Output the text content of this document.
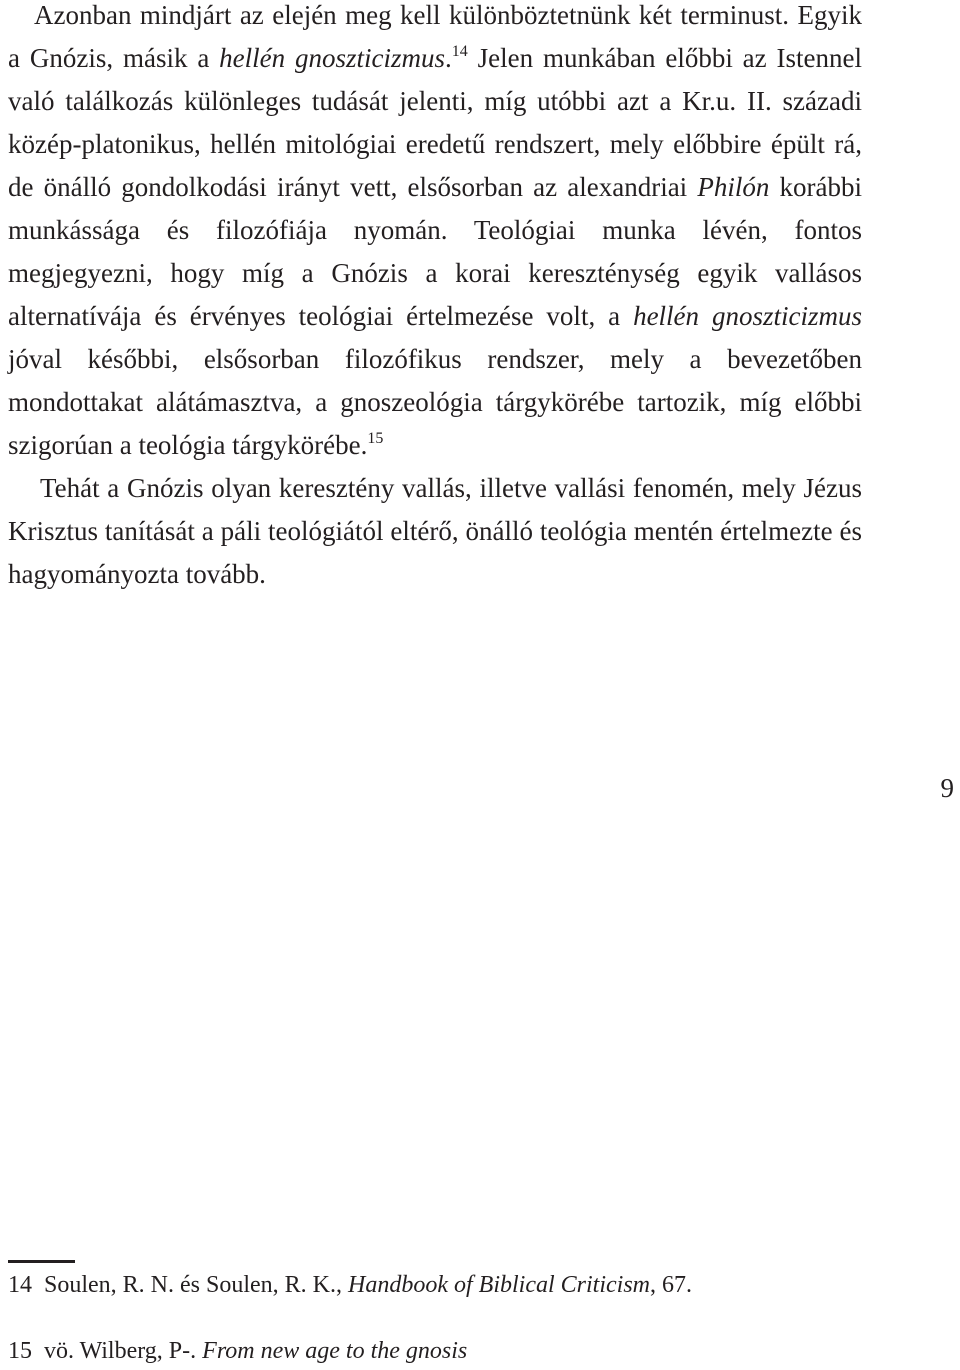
Azonban mindjárt az elején meg kell különböztetnünk két terminust. Egyik a Gnózis, másik a hellén gnoszticizmus.$^{14}$ Jelen munkában előbbi az Istennel való találkozás különleges tudását jelenti, míg utóbbi azt a Kr.u. II. századi közép-platonikus, hellén mitológiai eredetű rendszert, mely előbbire épült rá, de önálló gondolkodási irányt vett, elsősorban az alexandriai Philón korábbi munkássága és filozófiája nyomán. Teológiai munka lévén, fontos megjegyezni, hogy míg a Gnózis a korai kereszténység egyik vallásos alternatívája és érvényes teológiai értelmezése volt, a hellén gnoszticizmus jóval későbbi, elsősorban filozófikus rendszer, mely a bevezetőben mondottakat alátámasztva, a gnoszeológia tárgykörébe tartozik, míg előbbi szigorúan a teológia tárgykörébe.$^{15}$

Tehát a Gnózis olyan keresztény vallás, illetve vallási fenomén, mely Jézus Krisztus tanítását a páli teológiától eltérő, önálló teológia mentén értelmezte és hagyományozta tovább.

9
14 Soulen, R. N. és Soulen, R. K., Handbook of Biblical Criticism, 67.
15 vö. Wilberg, P-. From new age to the gnosis
